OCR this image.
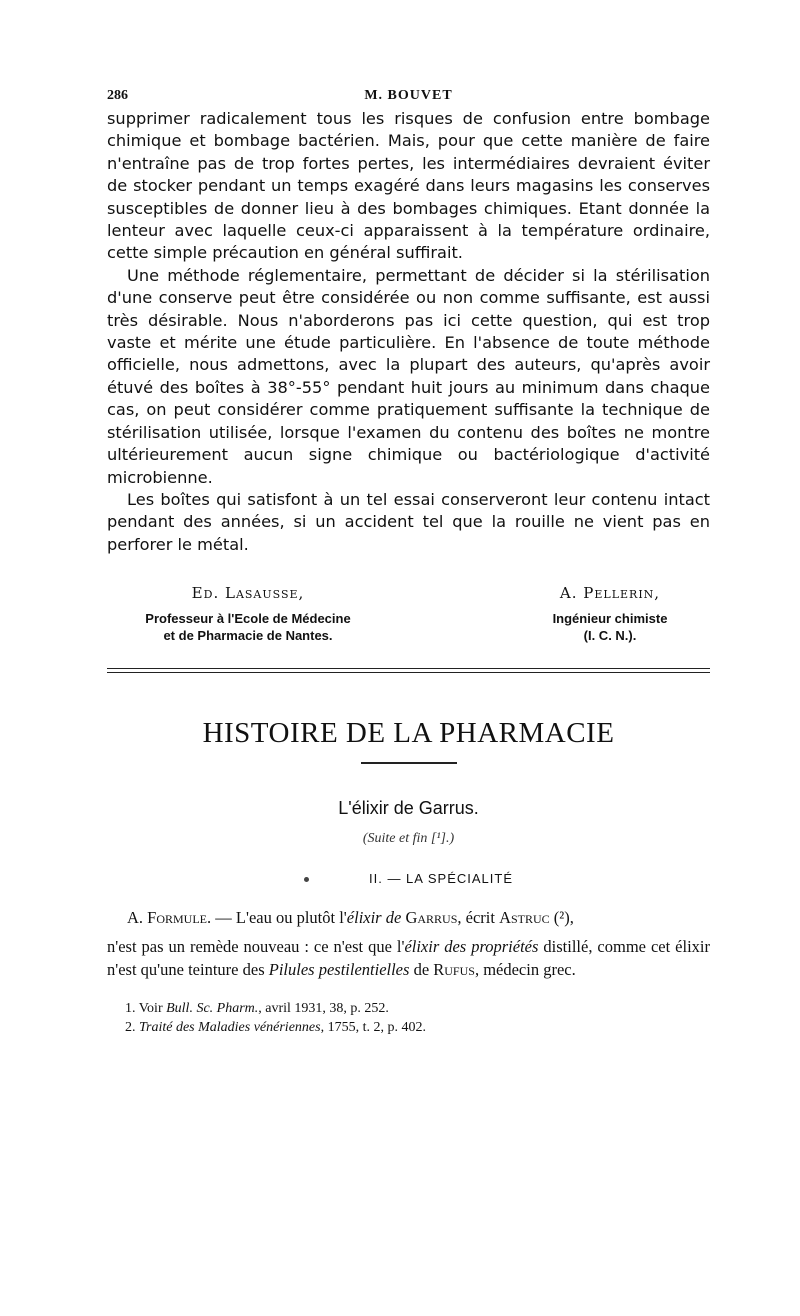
286	M. BOUVET

supprimer radicalement tous les risques de confusion entre bombage chimique et bombage bactérien. Mais, pour que cette manière de faire n'entraîne pas de trop fortes pertes, les intermédiaires devraient éviter de stocker pendant un temps exagéré dans leurs magasins les conserves susceptibles de donner lieu à des bombages chimiques. Etant donnée la lenteur avec laquelle ceux-ci apparaissent à la température ordinaire, cette simple précaution en général suffirait.

Une méthode réglementaire, permettant de décider si la stérilisation d'une conserve peut être considérée ou non comme suffisante, est aussi très désirable. Nous n'aborderons pas ici cette question, qui est trop vaste et mérite une étude particulière. En l'absence de toute méthode officielle, nous admettons, avec la plupart des auteurs, qu'après avoir étuvé des boîtes à 38°-55° pendant huit jours au minimum dans chaque cas, on peut considérer comme pratiquement suffisante la technique de stérilisation utilisée, lorsque l'examen du contenu des boîtes ne montre ultérieurement aucun signe chimique ou bactériologique d'activité microbienne.

Les boîtes qui satisfont à un tel essai conserveront leur contenu intact pendant des années, si un accident tel que la rouille ne vient pas en perforer le métal.

Ed. Lasausse,
Professeur à l'Ecole de Médecine
et de Pharmacie de Nantes.
A. Pellerin,
Ingénieur chimiste
(I. C. N.).
HISTOIRE DE LA PHARMACIE
L'élixir de Garrus.
(Suite et fin [¹].)
II. — LA SPÉCIALITÉ

A. Formule. — L'eau ou plutôt l'élixir de Garrus, écrit Astruc (²),

n'est pas un remède nouveau : ce n'est que l'élixir des propriétés distillé, comme cet élixir n'est qu'une teinture des Pilules pestilentielles de Rufus, médecin grec.

1. Voir Bull. Sc. Pharm., avril 1931, 38, p. 252.
2. Traité des Maladies vénériennes, 1755, t. 2, p. 402.
